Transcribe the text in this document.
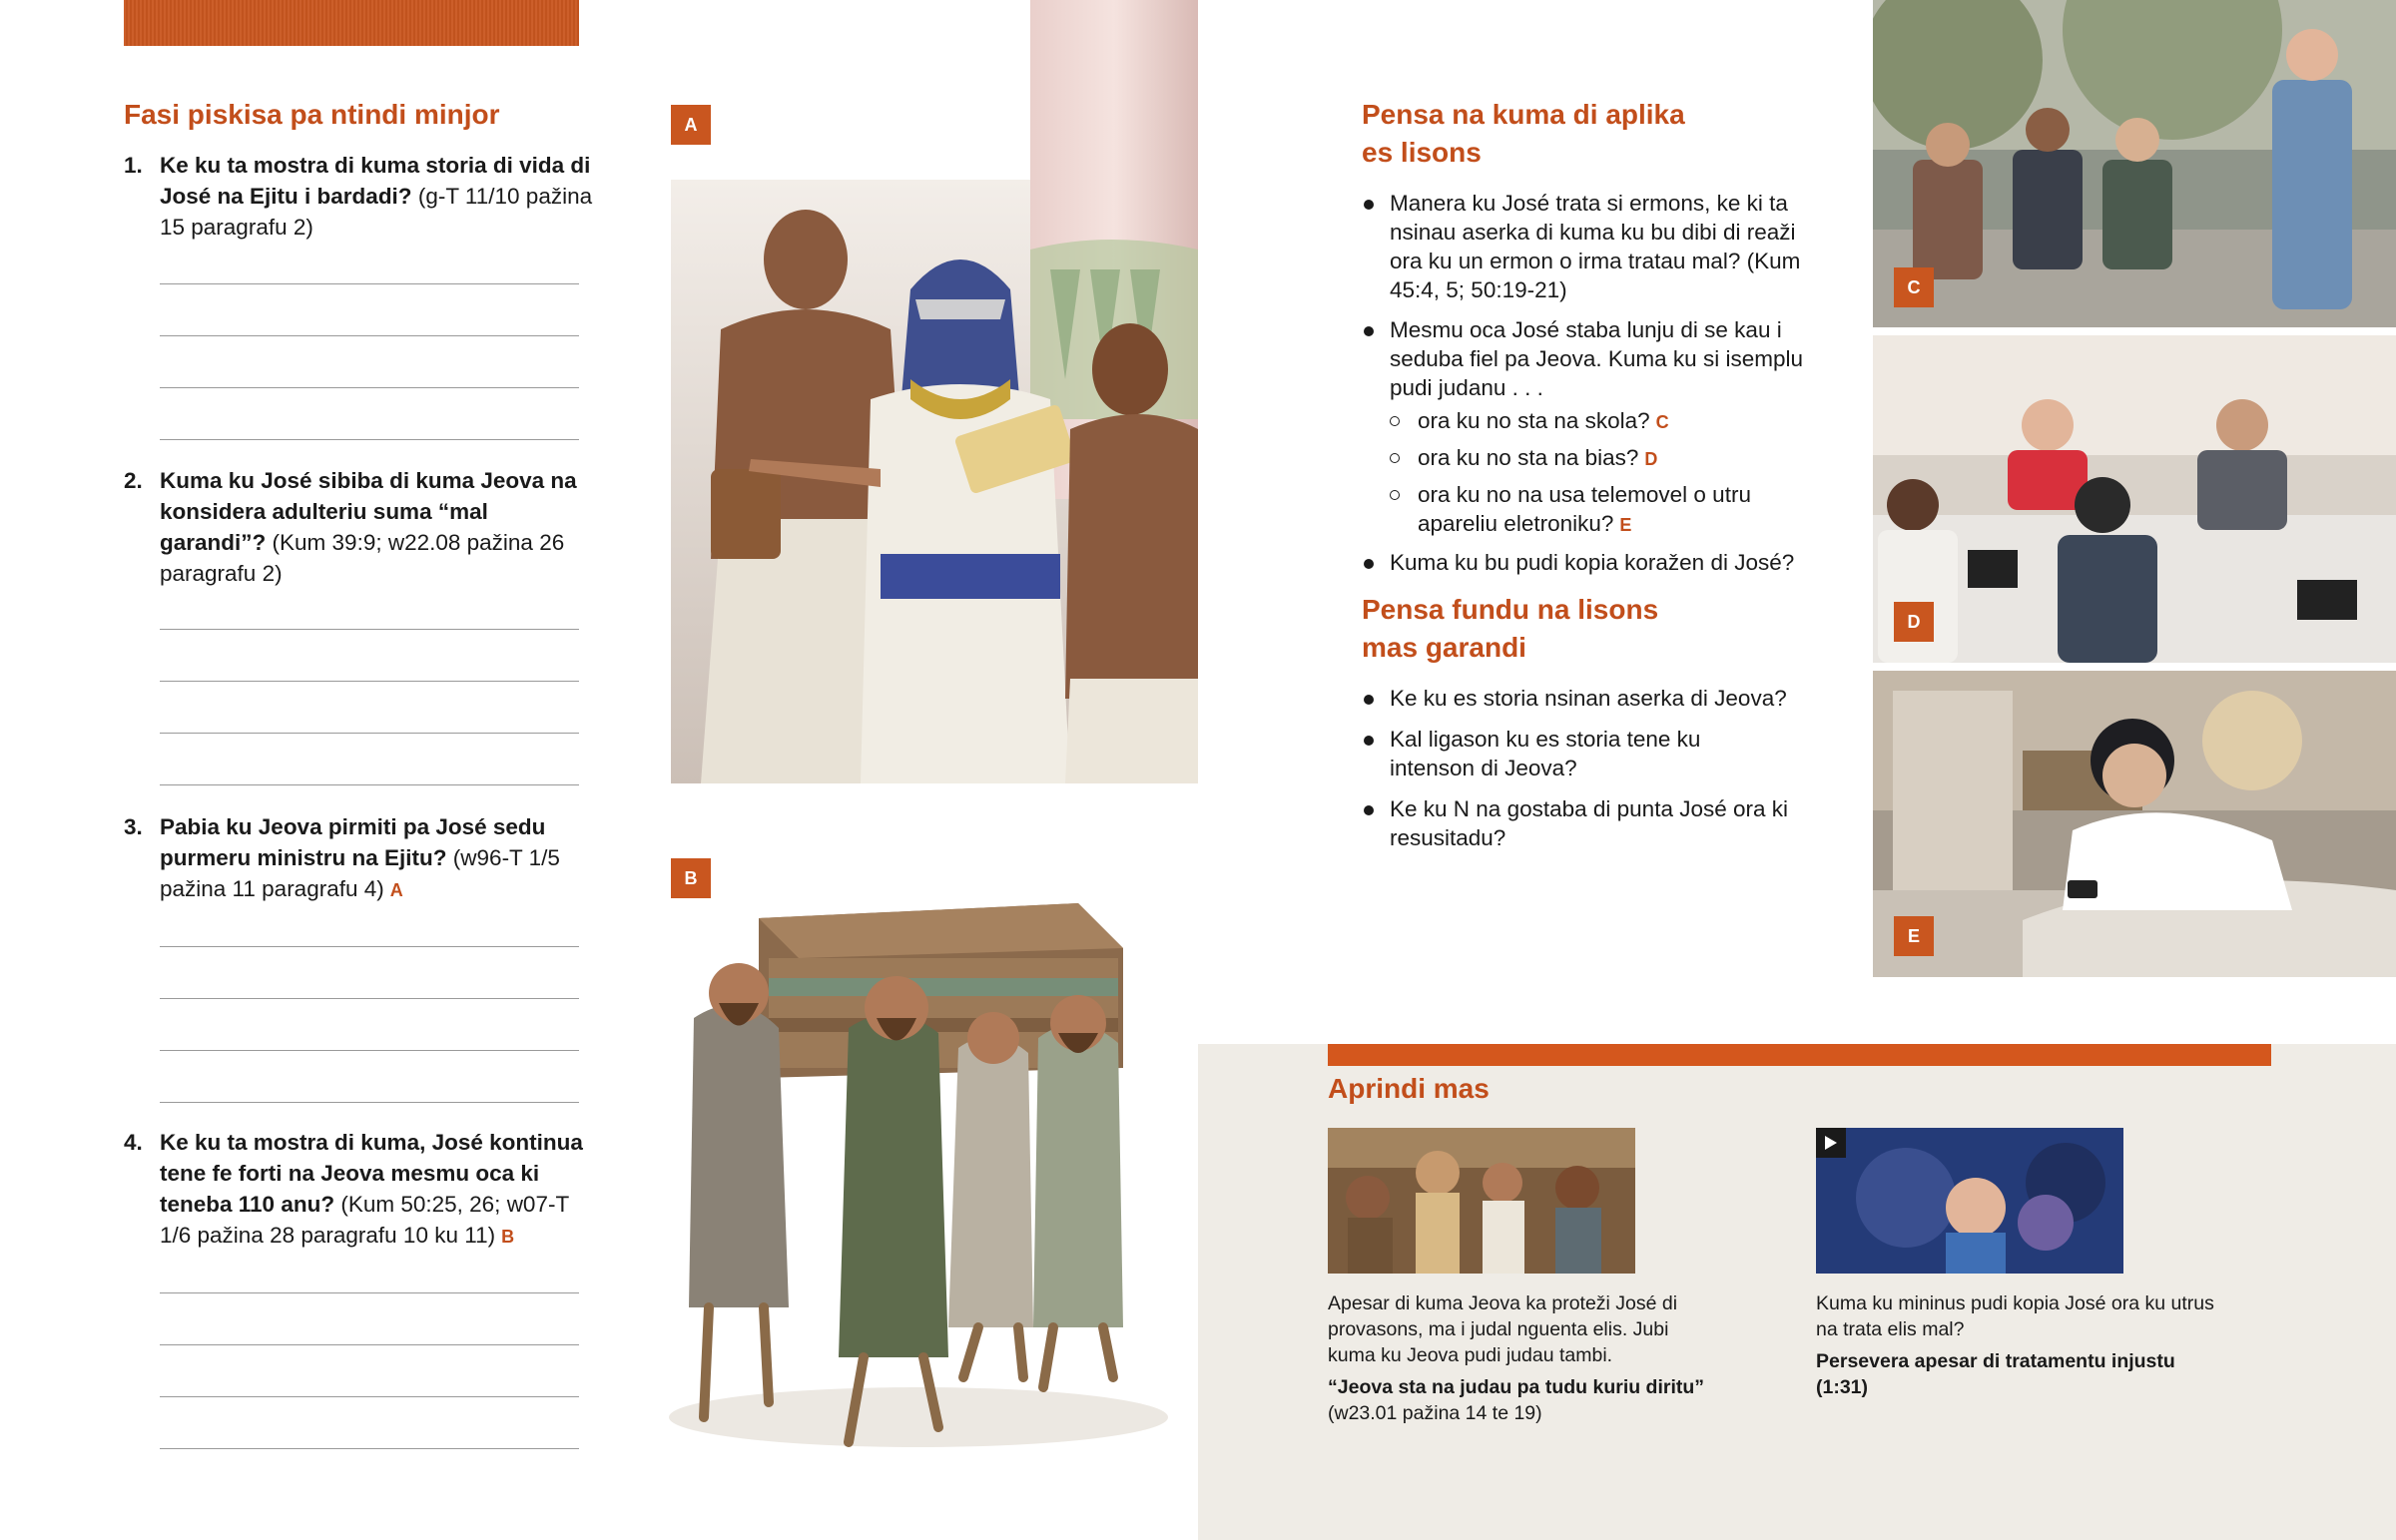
Fasi piskisa pa ntindi minjor
1. Ke ku ta mostra di kuma storia di vida di José na Ejitu i bardadi? (g-T 11/10 pažina 15 paragrafu 2)
2. Kuma ku José sibiba di kuma Jeova na konsidera adulteriu suma “mal garandi”? (Kum 39:9; w22.08 pažina 26 paragrafu 2)
3. Pabia ku Jeova pirmiti pa José sedu purmeru ministru na Ejitu? (w96-T 1/5 pažina 11 paragrafu 4) A
4. Ke ku ta mostra di kuma, José kontinua tene fe forti na Jeova mesmu oca ki teneba 110 anu? (Kum 50:25, 26; w07-T 1/6 pažina 28 paragrafu 10 ku 11) B
A
B
Pensa na kuma di aplika
es lisons
Manera ku José trata si ermons, ke ki ta nsinau aserka di kuma ku bu dibi di reaži ora ku un ermon o irma tratau mal? (Kum 45:4, 5; 50:19-21)
Mesmu oca José staba lunju di se kau i seduba fiel pa Jeova. Kuma ku si isemplu pudi judanu . . .
ora ku no sta na skola? C
ora ku no sta na bias? D
ora ku no na usa telemovel o utru apareliu eletroniku? E
Kuma ku bu pudi kopia koražen di José?
Pensa fundu na lisons
mas garandi
Ke ku es storia nsinan aserka di Jeova?
Kal ligason ku es storia tene ku intenson di Jeova?
Ke ku N na gostaba di punta José ora ki resusitadu?
C
D
E
Aprindi mas
Apesar di kuma Jeova ka proteži José di provasons, ma i judal nguenta elis. Jubi kuma ku Jeova pudi judau tambi.
“Jeova sta na judau pa tudu kuriu diritu”
(w23.01 pažina 14 te 19)
Kuma ku mininus pudi kopia José ora ku utrus na trata elis mal?
Persevera apesar di tratamentu injustu
(1:31)
